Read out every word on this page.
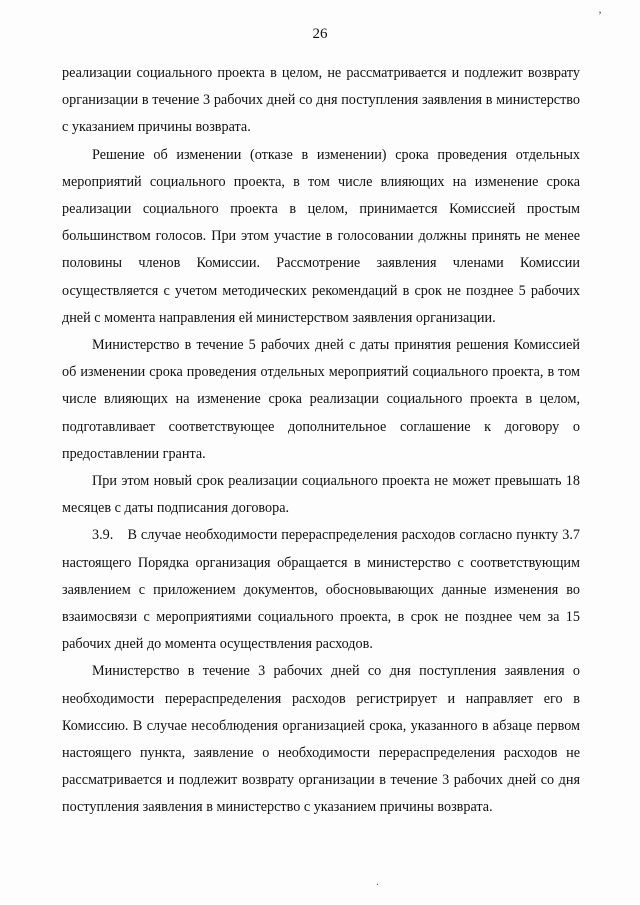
26

реализации социального проекта в целом, не рассматривается и подлежит возврату организации в течение 3 рабочих дней со дня поступления заявления в министерство с указанием причины возврата.

Решение об изменении (отказе в изменении) срока проведения отдельных мероприятий социального проекта, в том числе влияющих на изменение срока реализации социального проекта в целом, принимается Комиссией простым большинством голосов. При этом участие в голосовании должны принять не менее половины членов Комиссии. Рассмотрение заявления членами Комиссии осуществляется с учетом методических рекомендаций в срок не позднее 5 рабочих дней с момента направления ей министерством заявления организации.

Министерство в течение 5 рабочих дней с даты принятия решения Комиссией об изменении срока проведения отдельных мероприятий социального проекта, в том числе влияющих на изменение срока реализации социального проекта в целом, подготавливает соответствующее дополнительное соглашение к договору о предоставлении гранта.

При этом новый срок реализации социального проекта не может превышать 18 месяцев с даты подписания договора.

3.9. В случае необходимости перераспределения расходов согласно пункту 3.7 настоящего Порядка организация обращается в министерство с соответствующим заявлением с приложением документов, обосновывающих данные изменения во взаимосвязи с мероприятиями социального проекта, в срок не позднее чем за 15 рабочих дней до момента осуществления расходов.

Министерство в течение 3 рабочих дней со дня поступления заявления о необходимости перераспределения расходов регистрирует и направляет его в Комиссию. В случае несоблюдения организацией срока, указанного в абзаце первом настоящего пункта, заявление о необходимости перераспределения расходов не рассматривается и подлежит возврату организации в течение 3 рабочих дней со дня поступления заявления в министерство с указанием причины возврата.

’
.
